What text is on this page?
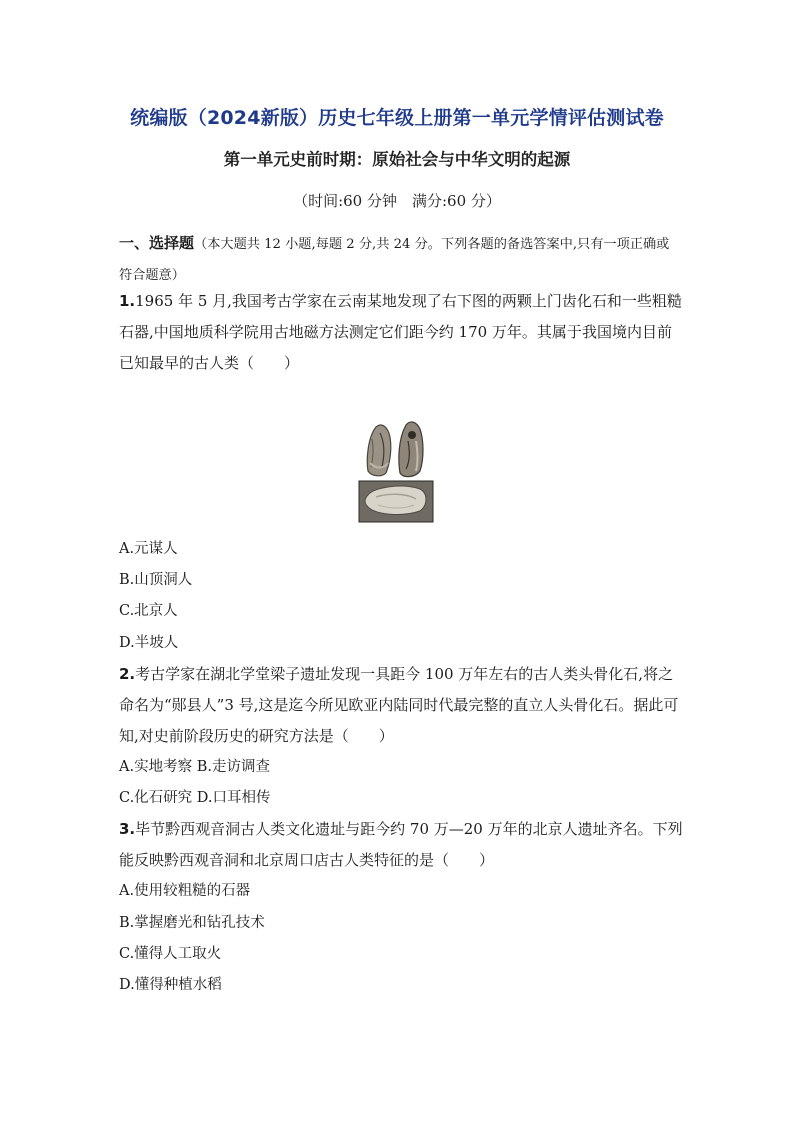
统编版（2024新版）历史七年级上册第一单元学情评估测试卷
第一单元史前时期：原始社会与中华文明的起源
（时间:60 分钟　满分:60 分）
一、选择题（本大题共 12 小题,每题 2 分,共 24 分。下列各题的备选答案中,只有一项正确或符合题意）
1.1965 年 5 月,我国考古学家在云南某地发现了右下图的两颗上门齿化石和一些粗糙石器,中国地质科学院用古地磁方法测定它们距今约 170 万年。其属于我国境内目前已知最早的古人类（　　）
A.元谋人
B.山顶洞人
C.北京人
D.半坡人
2.考古学家在湖北学堂梁子遗址发现一具距今 100 万年左右的古人类头骨化石,将之命名为“郧县人”3 号,这是迄今所见欧亚内陆同时代最完整的直立人头骨化石。据此可知,对史前阶段历史的研究方法是（　　）
A.实地考察 B.走访调查
C.化石研究 D.口耳相传
3.毕节黔西观音洞古人类文化遗址与距今约 70 万—20 万年的北京人遗址齐名。下列能反映黔西观音洞和北京周口店古人类特征的是（　　）
A.使用较粗糙的石器
B.掌握磨光和钻孔技术
C.懂得人工取火
D.懂得种植水稻
